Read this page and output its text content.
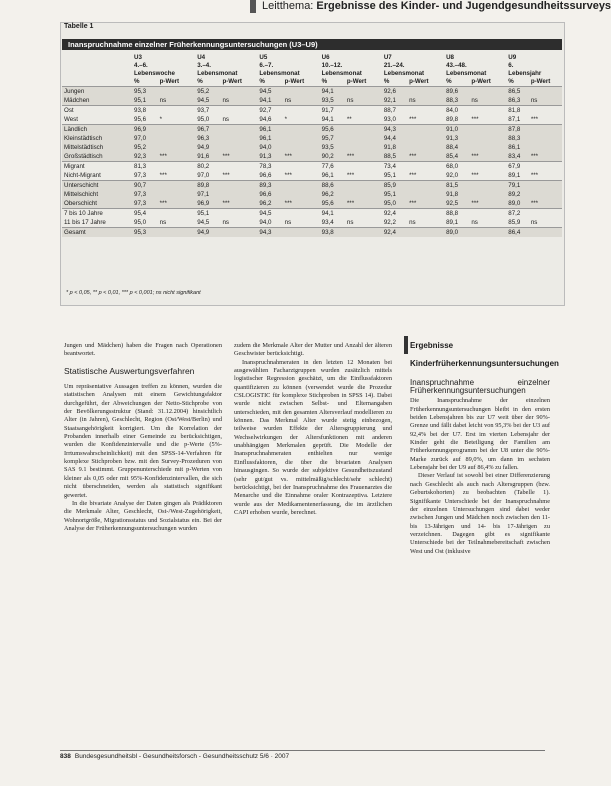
Leitthema: Ergebnisse des Kinder- und Jugendgesundheitssurveys
Tabelle 1
Inanspruchnahme einzelner Früherkennungsuntersuchungen (U3–U9)
	U3		U4		U5		U6		U7		U8		U9	
	4.–6.		3.–4.		6.–7.		10.–12.		21.–24.		43.–48.		6.	
	Lebenswoche		Lebensmonat		Lebensmonat		Lebensmonat		Lebensmonat		Lebensmonat		Lebensjahr	
	%	p-Wert	%	p-Wert	%	p-Wert	%	p-Wert	%	p-Wert	%	p-Wert	%	p-Wert
Jungen	95,3		95,2		94,5		94,1		92,6		89,6		86,5	
Mädchen	95,1	ns	94,5	ns	94,1	ns	93,5	ns	92,1	ns	88,3	ns	86,3	ns
Ost	93,8		93,7		92,7		91,7		88,7		84,0		81,8	
West	95,6	*	95,0	ns	94,6	*	94,1	**	93,0	***	89,8	***	87,1	***
Ländlich	96,9		96,7		96,1		95,6		94,3		91,0		87,8	
Kleinstädtisch	97,0		96,3		96,1		95,7		94,4		91,3		88,3	
Mittelstädtisch	95,2		94,9		94,0		93,5		91,8		88,4		86,1	
Großstädtisch	92,3	***	91,6	***	91,3	***	90,2	***	88,5	***	85,4	***	83,4	***
Migrant	81,3		80,2		78,3		77,6		73,4		68,0		67,9	
Nicht-Migrant	97,3	***	97,0	***	96,6	***	96,1	***	95,1	***	92,0	***	89,1	***
Unterschicht	90,7		89,8		89,3		88,6		85,9		81,5		79,1	
Mittelschicht	97,3		97,1		96,6		96,2		95,1		91,8		89,2	
Oberschicht	97,3	***	96,9	***	96,2	***	95,6	***	95,0	***	92,5	***	89,0	***
7 bis 10 Jahre	95,4		95,1		94,5		94,1		92,4		88,8		87,2	
11 bis 17 Jahre	95,0	ns	94,5	ns	94,0	ns	93,4	ns	92,2	ns	89,1	ns	85,9	ns
Gesamt	95,3		94,9		94,3		93,8		92,4		89,0		86,4	
* p < 0,05, ** p < 0,01, *** p < 0,001; ns nicht signifikant

Jungen und Mädchen) haben die Fragen nach Operationen beantwortet.

Statistische Auswertungsverfahren

Um repräsentative Aussagen treffen zu können, wurden die statistischen Analysen mit einem Gewichtungsfaktor durchgeführt, der Abweichungen der Netto-Stichprobe von der Bevölkerungsstruktur (Stand: 31.12.2004) hinsichtlich Alter (in Jahren), Geschlecht, Region (Ost/West/Berlin) und Staatsangehörigkeit korrigiert. Um die Korrelation der Probanden innerhalb einer Gemeinde zu berücksichtigen, wurden die Konfidenzintervalle und die p-Werte (5%-Irrtumswahrscheinlichkeit) mit den SPSS-14-Verfahren für komplexe Stichproben bzw. mit den Survey-Prozeduren von SAS 9.1 bestimmt. Gruppenunterschiede mit p-Werten von kleiner als 0,05 oder mit 95%-Konfidenzintervallen, die sich nicht überschneiden, werden als statistisch signifikant gewertet.

In die bivariate Analyse der Daten gingen als Prädiktoren die Merkmale Alter, Geschlecht, Ost-/West-Zugehörigkeit, Wohnortgröße, Migrationsstatus und Sozialstatus ein. Bei der Analyse der Früherkennungsuntersuchungen wurden

zudem die Merkmale Alter der Mutter und Anzahl der älteren Geschwister berücksichtigt.

Inanspruchnahmeraten in den letzten 12 Monaten bei ausgewählten Facharztgruppen wurden zusätzlich mittels logistischer Regression geschätzt, um die Einflussfaktoren quantifizieren zu können (verwendet wurde die Prozedur CSLOGISTIC für komplexe Stichproben in SPSS 14). Dabei wurde nicht zwischen Selbst- und Elternangaben unterschieden, mit den gesamten Altersverlauf modellieren zu können. Das Merkmal Alter wurde stetig einbezogen, teilweise wurden Effekte der Altersgruppierung und Wechselwirkungen der Altersfunktionen mit anderen unabhängigen Merkmalen geprüft. Die Modelle der Inanspruchnahmeraten enthielten nur wenige Einflussfaktoren, die über die bivariaten Analysen hinausgingen. So wurde der subjektive Gesundheitszustand (sehr gut/gut vs. mittelmäßig/schlecht/sehr schlecht) berücksichtigt, bei der Inanspruchnahme des Frauenarztes die Menarche und die Einnahme oraler Kontrazeptiva. Letztere wurde aus der Medikamentenerfassung, die im ärztlichen CAPI erhoben wurde, berechnet.

Ergebnisse
Kinderfrüherkennungsuntersuchungen
Inanspruchnahme einzelner Früherkennungsuntersuchungen

Die Inanspruchnahme der einzelnen Früherkennungsuntersuchungen bleibt in den ersten beiden Lebensjahren bis zur U7 weit über der 90%-Grenze und fällt dabei leicht von 95,3% bei der U3 auf 92,4% bei der U7. Erst im vierten Lebensjahr der Kinder geht die Beteiligung der Familien am Früherkennungsprogramm bei der U8 unter die 90%-Marke zurück auf 89,0%, um dann im sechsten Lebensjahr bei der U9 auf 86,4% zu fallen.

Dieser Verlauf ist sowohl bei einer Differenzierung nach Geschlecht als auch nach Altersgruppen (bzw. Geburtskohorten) zu beobachten (Tabelle 1). Signifikante Unterschiede bei der Inanspruchnahme der einzelnen Untersuchungen sind dabei weder zwischen Jungen und Mädchen noch zwischen den 11- bis 13-Jährigen und 14- bis 17-Jährigen zu verzeichnen. Dagegen gibt es signifikante Unterschiede bei der Teilnahmebereitschaft zwischen West und Ost (inklusive

838 Bundesgesundheitsbl - Gesundheitsforsch - Gesundheitsschutz 5/6 · 2007
